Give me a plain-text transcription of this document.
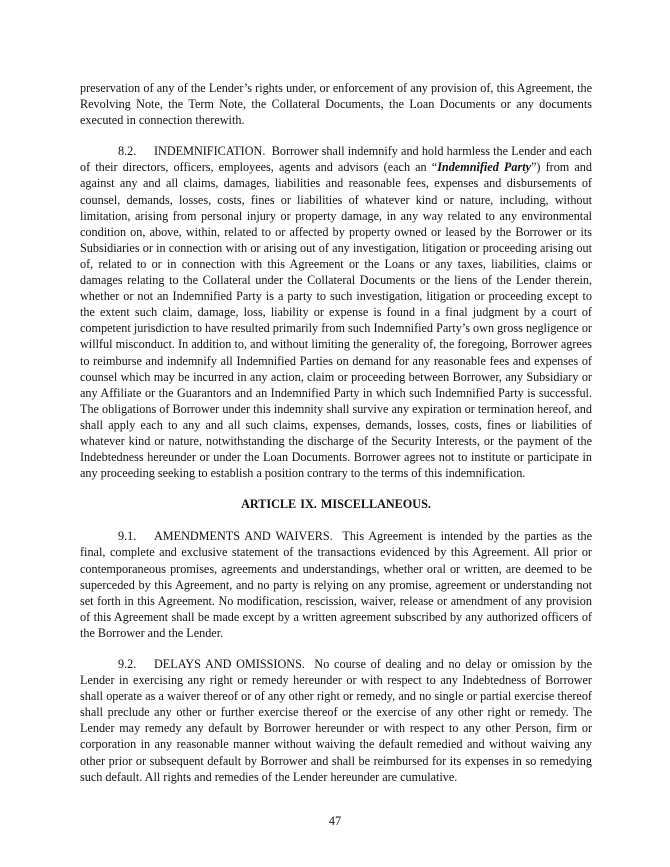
preservation of any of the Lender’s rights under, or enforcement of any provision of, this Agreement, the Revolving Note, the Term Note, the Collateral Documents, the Loan Documents or any documents executed in connection therewith.

8.2. INDEMNIFICATION. Borrower shall indemnify and hold harmless the Lender and each of their directors, officers, employees, agents and advisors (each an “Indemnified Party”) from and against any and all claims, damages, liabilities and reasonable fees, expenses and disbursements of counsel, demands, losses, costs, fines or liabilities of whatever kind or nature, including, without limitation, arising from personal injury or property damage, in any way related to any environmental condition on, above, within, related to or affected by property owned or leased by the Borrower or its Subsidiaries or in connection with or arising out of any investigation, litigation or proceeding arising out of, related to or in connection with this Agreement or the Loans or any taxes, liabilities, claims or damages relating to the Collateral under the Collateral Documents or the liens of the Lender therein, whether or not an Indemnified Party is a party to such investigation, litigation or proceeding except to the extent such claim, damage, loss, liability or expense is found in a final judgment by a court of competent jurisdiction to have resulted primarily from such Indemnified Party’s own gross negligence or willful misconduct. In addition to, and without limiting the generality of, the foregoing, Borrower agrees to reimburse and indemnify all Indemnified Parties on demand for any reasonable fees and expenses of counsel which may be incurred in any action, claim or proceeding between Borrower, any Subsidiary or any Affiliate or the Guarantors and an Indemnified Party in which such Indemnified Party is successful. The obligations of Borrower under this indemnity shall survive any expiration or termination hereof, and shall apply each to any and all such claims, expenses, demands, losses, costs, fines or liabilities of whatever kind or nature, notwithstanding the discharge of the Security Interests, or the payment of the Indebtedness hereunder or under the Loan Documents. Borrower agrees not to institute or participate in any proceeding seeking to establish a position contrary to the terms of this indemnification.

ARTICLE IX. MISCELLANEOUS.

9.1. AMENDMENTS AND WAIVERS. This Agreement is intended by the parties as the final, complete and exclusive statement of the transactions evidenced by this Agreement. All prior or contemporaneous promises, agreements and understandings, whether oral or written, are deemed to be superceded by this Agreement, and no party is relying on any promise, agreement or understanding not set forth in this Agreement. No modification, rescission, waiver, release or amendment of any provision of this Agreement shall be made except by a written agreement subscribed by any authorized officers of the Borrower and the Lender.

9.2. DELAYS AND OMISSIONS. No course of dealing and no delay or omission by the Lender in exercising any right or remedy hereunder or with respect to any Indebtedness of Borrower shall operate as a waiver thereof or of any other right or remedy, and no single or partial exercise thereof shall preclude any other or further exercise thereof or the exercise of any other right or remedy. The Lender may remedy any default by Borrower hereunder or with respect to any other Person, firm or corporation in any reasonable manner without waiving the default remedied and without waiving any other prior or subsequent default by Borrower and shall be reimbursed for its expenses in so remedying such default. All rights and remedies of the Lender hereunder are cumulative.

47
